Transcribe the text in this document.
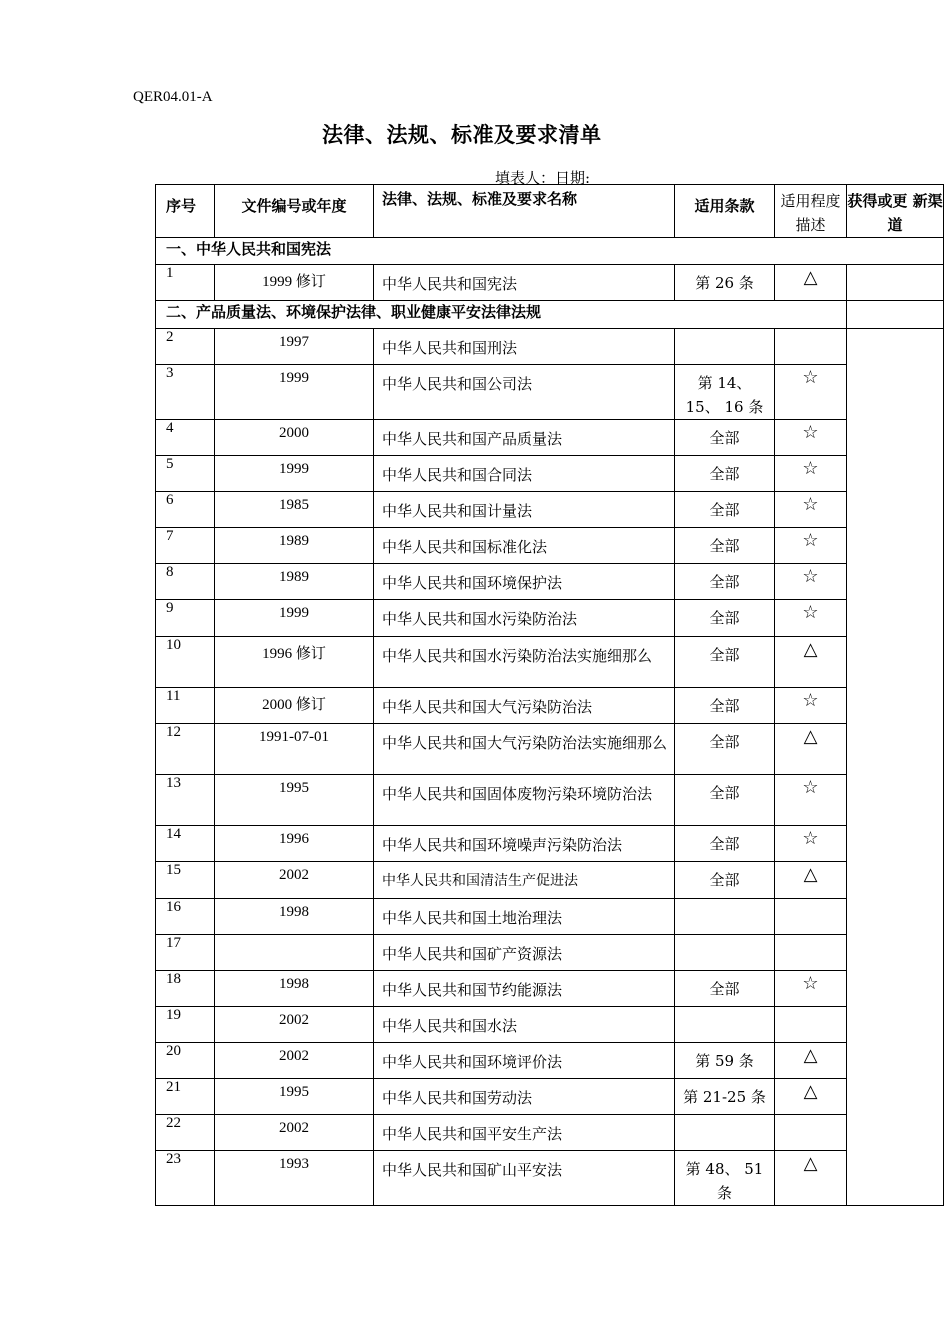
QER04.01-A
法律、法规、标准及要求清单
填表人：日期:
序号	文件编号或年度	法律、法规、标准及要求名称	适用条款	适用程度描述	获得或更 新渠道
一、中华人民共和国宪法					
1	1999 修订	中华人民共和国宪法	第 26 条	△	
二、产品质量法、环境保护法律、职业健康平安法律法规					
2	1997	中华人民共和国刑法			
3	1999	中华人民共和国公司法	第 14、 15、 16 条	☆	
4	2000	中华人民共和国产品质量法	全部	☆	
5	1999	中华人民共和国合同法	全部	☆	
6	1985	中华人民共和国计量法	全部	☆	
7	1989	中华人民共和国标准化法	全部	☆	
8	1989	中华人民共和国环境保护法	全部	☆	
9	1999	中华人民共和国水污染防治法	全部	☆	
10	1996 修订	中华人民共和国水污染防治法实施细那么	全部	△	
11	2000 修订	中华人民共和国大气污染防治法	全部	☆	
12	1991-07-01	中华人民共和国大气污染防治法实施细那么	全部	△	
13	1995	中华人民共和国固体废物污染环境防治法	全部	☆	
14	1996	中华人民共和国环境噪声污染防治法	全部	☆	
15	2002	中华人民共和国清洁生产促进法	全部	△	
16	1998	中华人民共和国土地治理法			
17		中华人民共和国矿产资源法			
18	1998	中华人民共和国节约能源法	全部	☆	
19	2002	中华人民共和国水法			
20	2002	中华人民共和国环境评价法	第 59 条	△	
21	1995	中华人民共和国劳动法	第 21-25 条	△	
22	2002	中华人民共和国平安生产法			
23	1993	中华人民共和国矿山平安法	第 48、 51 条	△	
